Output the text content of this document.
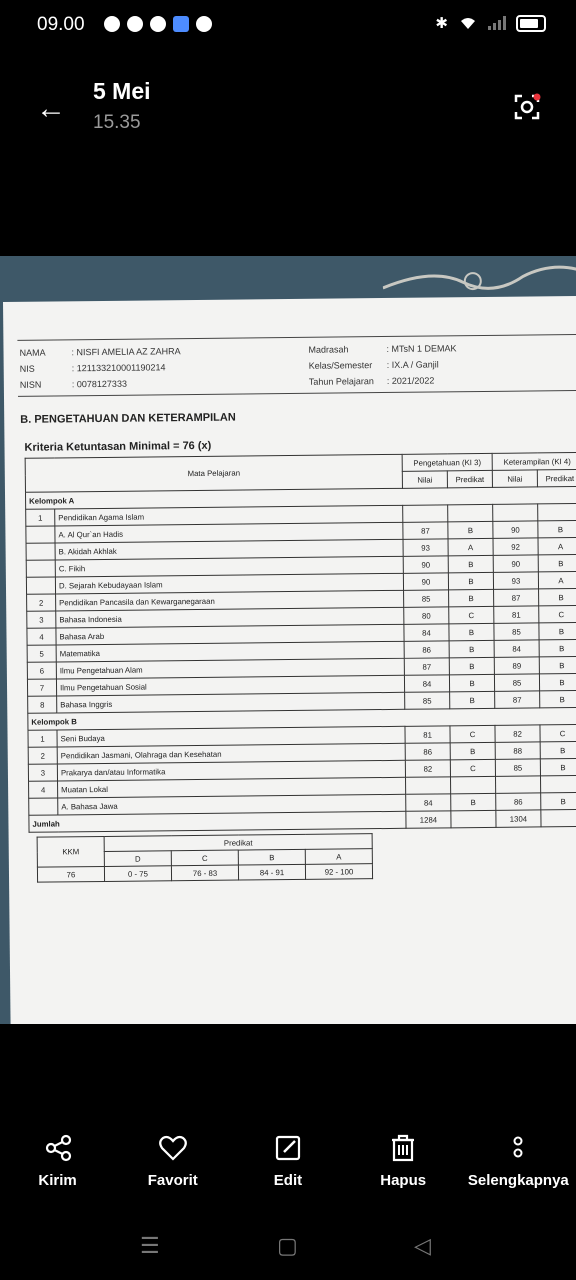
09.00	✱
←
5 Mei
15.35
NAMA	: NISFI AMELIA AZ ZAHRA
NIS	: 121133210001190214
NISN	: 0078127333
Madrasah	: MTsN 1 DEMAK
Kelas/Semester : IX.A / Ganjil
Tahun Pelajaran : 2021/2022
B. PENGETAHUAN DAN KETERAMPILAN
Kriteria Ketuntasan Minimal = 76 (x)
Mata Pelajaran		Pengetahuan (KI 3)		Keterampilan (KI 4)	
		Nilai	Predikat	Nilai	Predikat
Kelompok A					
1	Pendidikan Agama Islam				
	A. Al Qur`an Hadis	87	B	90	B
	B. Akidah Akhlak	93	A	92	A
	C. Fikih	90	B	90	B
	D. Sejarah Kebudayaan Islam	90	B	93	A
2	Pendidikan Pancasila dan Kewarganegaraan	85	B	87	B
3	Bahasa Indonesia	80	C	81	C
4	Bahasa Arab	84	B	85	B
5	Matematika	86	B	84	B
6	Ilmu Pengetahuan Alam	87	B	89	B
7	Ilmu Pengetahuan Sosial	84	B	85	B
8	Bahasa Inggris	85	B	87	B
Kelompok B					
1	Seni Budaya	81	C	82	C
2	Pendidikan Jasmani, Olahraga dan Kesehatan	86	B	88	B
3	Prakarya dan/atau Informatika	82	C	85	B
4	Muatan Lokal				
	A. Bahasa Jawa	84	B	86	B
Jumlah		1284		1304	
KKM	Predikat			
	D	C	B	A
76	0 - 75	76 - 83	84 - 91	92 - 100
Kirim	Favorit	Edit	Hapus	Selengkapnya
☰	▢	◁
